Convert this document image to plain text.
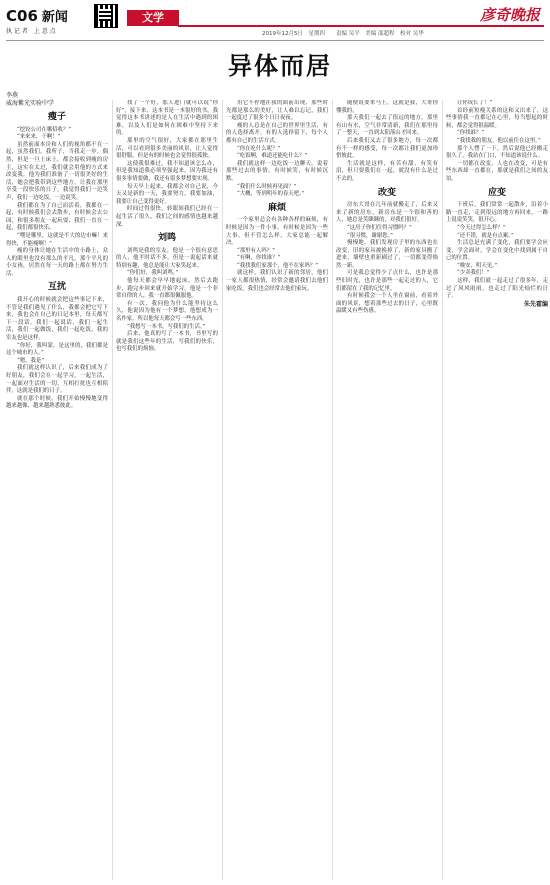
C06 新闻
执 记 者　上 意 点
文学	彦奇晚报
2019年12月5日　星期四　　责编 吴平　美编 邵超程　校对 吴华
异体而居
李燕
威海紫光实验中学
瘦子

“挖饺公司在哪招收？”

“来来来，干啊！”

虽然前面本房和人们的视角都不在一起，虽然我们，我所子，当我走一步，偶然，但是一旦上床上，都会接收到瘦的房主，这实在太过，我们就会用他的方式来改变我。他为我们准备了一切很美好的生活，她会把我带到这些地方，让我在那里享受一段快乐的日子。我觉得我们一边笑声，我们一边吃饭，一边说笑。

我们都在为了自己而活着。我都在一起，有时候我们会去散步，有时候会去公园，和很多朋友一起玩耍，我们一直在一起，我们都很快乐。

“嘿是哪里，这就是不大的边市嘛！来得快，不能瘦啊！”

瘦的身体让她在生活中的小路上，众人的眼里也没有那么的平凡，那个平凡的小女孩，居然在每一天的路上都在努力生活。

互扰

我开心的时候就会把这些事记下来，不管是我们遇见了什么，我都会把它写下来，我也会在自己的日记本里，每天都写下一段话。我们一起说话，我们一起生活，我们一起做饭，我们一起吃饭，我的室友也是这样。

“你好，我叫蒙，是这里的，我们都是这个城市的人。”

“嗯，我是”

我们就这样认识了，后来我们成为了好朋友，我们会在一起学习，一起生活，一起面对生活的一切。互相打扰也互相陪伴，这就是我们的日子。

就在那个时候，我们开始慢慢地变得越来越像，越来越熟悉彼此。

找了一个好，那人进门就可以说“你好”，接下来，这本书是一本很好的书，我觉得这本书讲述的是人在生活中遇到的困难，以及人们是如何在困难中坚持下来的。

那里的空气很好，大家都在那里生活，可以看到很多美丽的风景，让人觉得很舒服，但是有的时候也会觉得很孤独。

这使我很难过，我不知道该怎么办，但是我知道我必须坚强起来，因为我还有很多事情要做，我还有很多梦想要实现。

每天早上起来，我都会对自己说，今天又是新的一天，我要努力，我要加油，我要让自己变得更好。

时间过得很快，转眼间我们已经在一起生活了很久，我们之间的感情也越来越深。

刘鸣

刘鸣是我的室友，他是一个很有意思的人，他平时话不多，但是一说起话来就特别有趣，他总是能让大家笑起来。

“你们好，我叫刘鸣。”

他每天都会早早地起床，然后去跑步，跑完步回来就开始学习，他是一个非常自律的人，我一直都很佩服他。

有一次，我问他为什么能坚持这么久，他说因为他有一个梦想，他想成为一名作家，所以他每天都会写一些东西。

“我想写一本书，写我们的生活。”

后来，他真的写了一本书，书里写的就是我们这些年的生活，写我们的快乐，也写我们的烦恼。

用它不停地在我的面前出现，那些时光都是那么的美好，让人难以忘记，我们一起度过了很多个日日夜夜。

瘦的人总是在自己的世界里生活，有的人选择离开，有的人选择留下，每个人都有自己的生活方式。

“你在吃什么呢？”

“吃饭啊，难道还能吃什么？”

我们就这样一边吃饭一边聊天，说着那些过去的事情，有时候笑，有时候沉默。

“我们什么时候再见面？”

“大概，等到明年的春天吧。”

麻烦

一个家里总会有各种各样的麻烦，有时候是因为一件小事，有时候是因为一些大事，但不管怎么样，大家总能一起解决。

“那里有人吗？”

“有啊，你找谁？”

“我找我们家那个，他不在家吗？”

就这样，我们认识了新的邻居，他们一家人都很热情，经常会邀请我们去他们家吃饭，我们也会经常去他们家玩。

随便说要来马上，这就是我，大哥你懂我的。

那天我们一起去了很远的地方，那里有山有水，空气非常清新，我们在那里待了一整天，一直到太阳落山才回来。

后来我们又去了很多地方，每一次都有不一样的感受，每一次都让我们更加珍惜彼此。

生活就是这样，有苦有甜，有笑有泪，但只要我们在一起，就没有什么是过不去的。

改变

房东大哥在几年前就搬走了，后来又来了新的房东，新房东是一个很和善的人，她总是笑眯眯的，对我们很好。

“这房子你们住得习惯吗？”

“很习惯，谢谢您。”

慢慢地，我们发现房子里的东西也在改变，旧的家具被换掉了，新的家具搬了进来，墙壁也重新刷过了，一切都变得焕然一新。

可是我总觉得少了点什么，也许是那些旧时光，也许是那些一起走过的人，它们都留在了我的记忆里。

有时候我会一个人坐在窗前，看着外面的风景，想着那些过去的日子，心里既温暖又有些伤感。

让你成长了！”

首经前短瘦关系的这和又出来了，这些事情我一直都记在心里，每当想起的时候，都会觉得很温暖。

“你找谁？”

“我找我的朋友，他以前住在这里。”

那个人愣了一下，然后说他已经搬走很久了，我站在门口，不知道该说什么。

一切都在改变，人也在改变，可是有些东西却一直都在，那就是我们之间的友谊。

应变

下班后，我们常常一起散步，沿着小路一直走，走到很远的地方再回来，一路上说说笑笑，很开心。

“今天过得怎么样？”

“还不错，就是有点累。”

生活总是充满了变化，我们要学会应变，学会面对，学会在变化中找到属于自己的位置。

“晚安，明天见。”

“少卖我们！”

这样，我们就一起走过了很多年，走过了风风雨雨，也走过了阳光灿烂的日子。

朱先霍编
